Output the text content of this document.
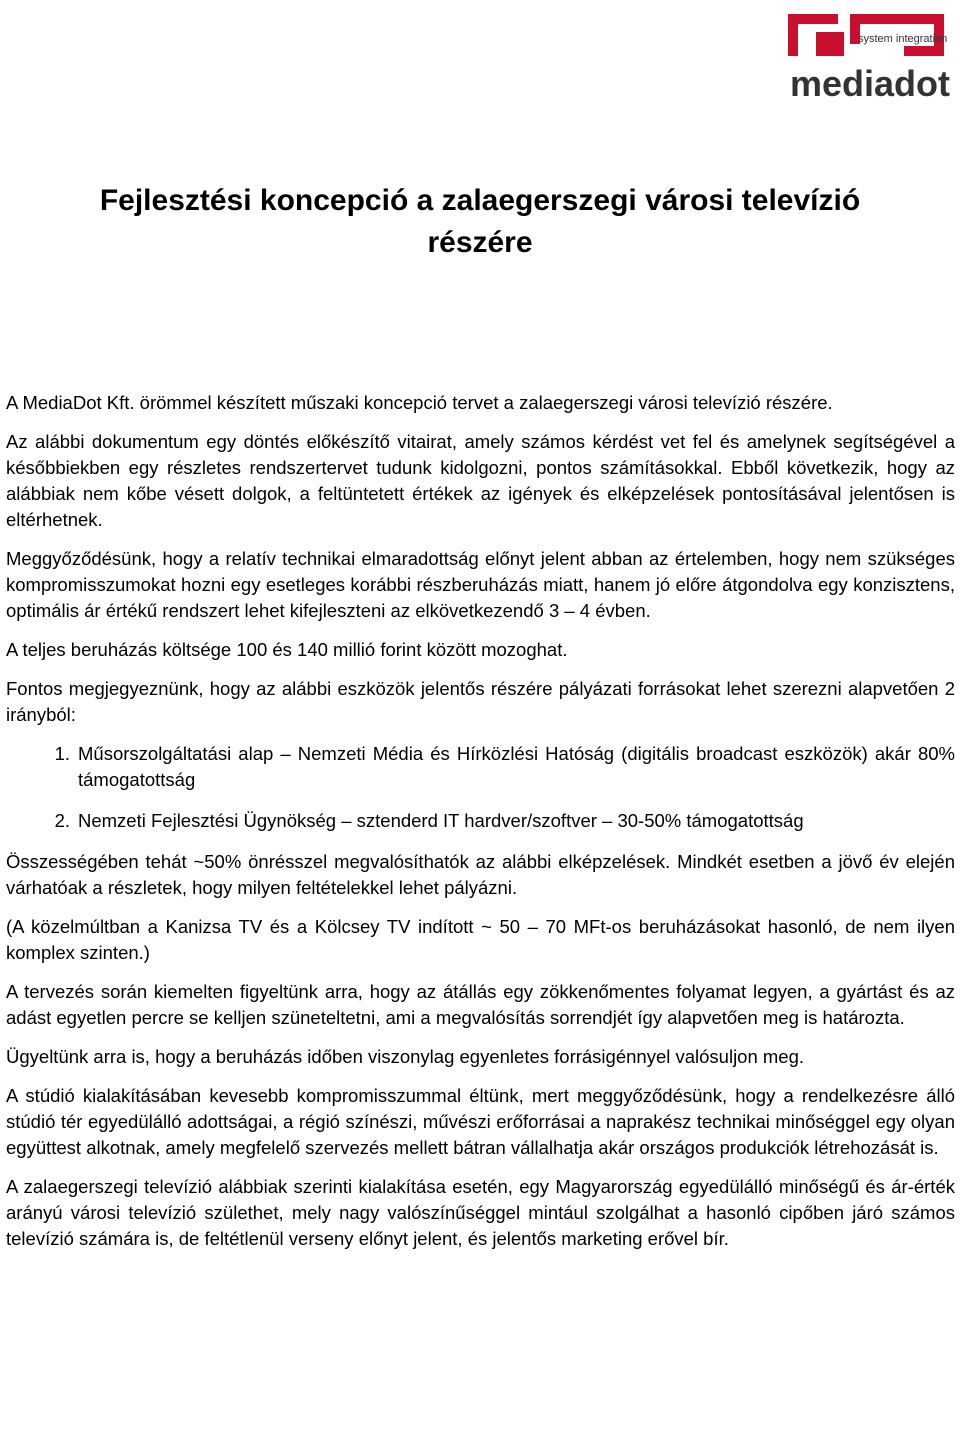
system integration
mediadot
Fejlesztési koncepció a zalaegerszegi városi televízió
részére

A MediaDot Kft. örömmel készített műszaki koncepció tervet a zalaegerszegi városi televízió részére.

Az alábbi dokumentum egy döntés előkészítő vitairat, amely számos kérdést vet fel és amelynek segítségével a későbbiekben egy részletes rendszertervet tudunk kidolgozni, pontos számításokkal. Ebből következik, hogy az alábbiak nem kőbe vésett dolgok, a feltüntetett értékek az igények és elképzelések pontosításával jelentősen is eltérhetnek.

Meggyőződésünk, hogy a relatív technikai elmaradottság előnyt jelent abban az értelemben, hogy nem szükséges kompromisszumokat hozni egy esetleges korábbi részberuházás miatt, hanem jó előre átgondolva egy konzisztens, optimális ár értékű rendszert lehet kifejleszteni az elkövetkezendő 3 – 4 évben.

A teljes beruházás költsége 100 és 140 millió forint között mozoghat.

Fontos megjegyeznünk, hogy az alábbi eszközök jelentős részére pályázati forrásokat lehet szerezni alapvetően 2 irányból:

1. Műsorszolgáltatási alap – Nemzeti Média és Hírközlési Hatóság (digitális broadcast eszközök) akár 80% támogatottság
2. Nemzeti Fejlesztési Ügynökség – sztenderd IT hardver/szoftver – 30-50% támogatottság

Összességében tehát ~50% önrésszel megvalósíthatók az alábbi elképzelések. Mindkét esetben a jövő év elején várhatóak a részletek, hogy milyen feltételekkel lehet pályázni.

(A közelmúltban a Kanizsa TV és a Kölcsey TV indított ~ 50 – 70 MFt-os beruházásokat hasonló, de nem ilyen komplex szinten.)

A tervezés során kiemelten figyeltünk arra, hogy az átállás egy zökkenőmentes folyamat legyen, a gyártást és az adást egyetlen percre se kelljen szüneteltetni, ami a megvalósítás sorrendjét így alapvetően meg is határozta.

Ügyeltünk arra is, hogy a beruházás időben viszonylag egyenletes forrásigénnyel valósuljon meg.

A stúdió kialakításában kevesebb kompromisszummal éltünk, mert meggyőződésünk, hogy a rendelkezésre álló stúdió tér egyedülálló adottságai, a régió színészi, művészi erőforrásai a naprakész technikai minőséggel egy olyan együttest alkotnak, amely megfelelő szervezés mellett bátran vállalhatja akár országos produkciók létrehozását is.

A zalaegerszegi televízió alábbiak szerinti kialakítása esetén, egy Magyarország egyedülálló minőségű és ár-érték arányú városi televízió születhet, mely nagy valószínűséggel mintául szolgálhat a hasonló cipőben járó számos televízió számára is, de feltétlenül verseny előnyt jelent, és jelentős marketing erővel bír.
